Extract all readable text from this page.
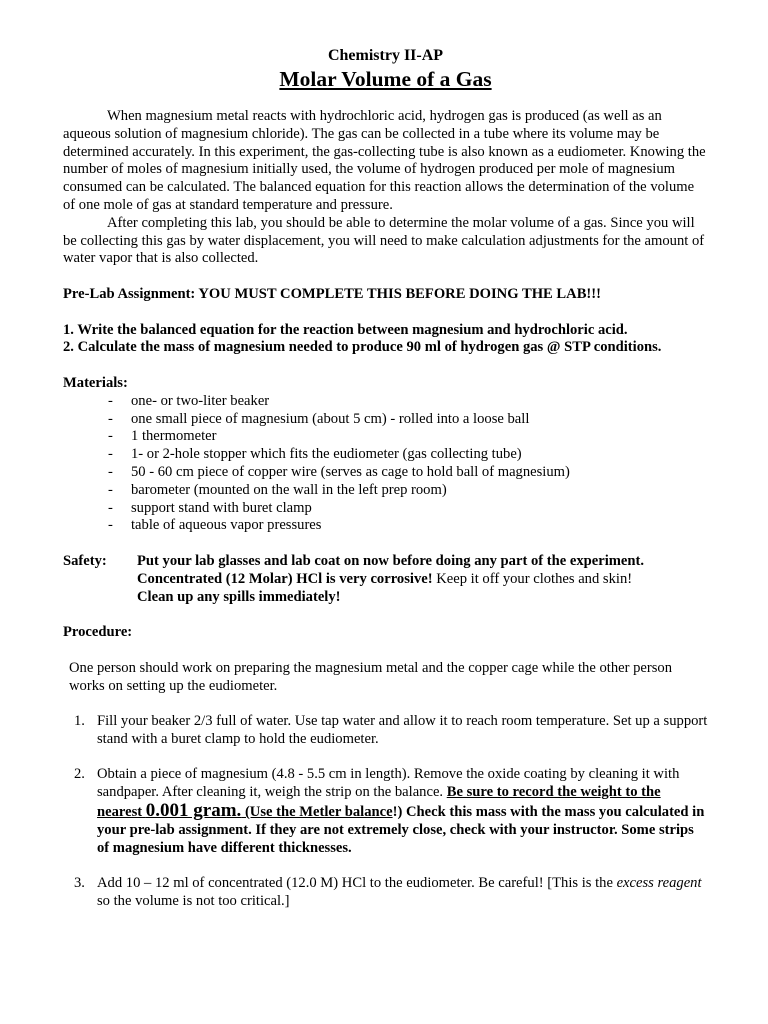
Chemistry II-AP
Molar Volume of a Gas

When magnesium metal reacts with hydrochloric acid, hydrogen gas is produced (as well as an aqueous solution of magnesium chloride). The gas can be collected in a tube where its volume may be determined accurately. In this experiment, the gas-collecting tube is also known as a eudiometer. Knowing the number of moles of magnesium initially used, the volume of hydrogen produced per mole of magnesium consumed can be calculated. The balanced equation for this reaction allows the determination of the volume of one mole of gas at standard temperature and pressure.

After completing this lab, you should be able to determine the molar volume of a gas. Since you will be collecting this gas by water displacement, you will need to make calculation adjustments for the amount of water vapor that is also collected.

Pre-Lab Assignment: YOU MUST COMPLETE THIS BEFORE DOING THE LAB!!!

1. Write the balanced equation for the reaction between magnesium and hydrochloric acid.

2. Calculate the mass of magnesium needed to produce 90 ml of hydrogen gas @ STP conditions.

Materials:

- one- or two-liter beaker
- one small piece of magnesium (about 5 cm) - rolled into a loose ball
- 1 thermometer
- 1- or 2-hole stopper which fits the eudiometer (gas collecting tube)
- 50 - 60 cm piece of copper wire (serves as cage to hold ball of magnesium)
- barometer (mounted on the wall in the left prep room)
- support stand with buret clamp
- table of aqueous vapor pressures
Safety:	Put your lab glasses and lab coat on now before doing any part of the experiment.

Concentrated (12 Molar) HCl is very corrosive! Keep it off your clothes and skin!

Clean up any spills immediately!

Procedure:

One person should work on preparing the magnesium metal and the copper cage while the other person works on setting up the eudiometer.

1. Fill your beaker 2/3 full of water. Use tap water and allow it to reach room temperature. Set up a support stand with a buret clamp to hold the eudiometer.
2. Obtain a piece of magnesium (4.8 - 5.5 cm in length). Remove the oxide coating by cleaning it with sandpaper. After cleaning it, weigh the strip on the balance. Be sure to record the weight to the nearest 0.001 gram. (Use the Metler balance!) Check this mass with the mass you calculated in your pre-lab assignment. If they are not extremely close, check with your instructor. Some strips of magnesium have different thicknesses.
3. Add 10 – 12 ml of concentrated (12.0 M) HCl to the eudiometer. Be careful! [This is the excess reagent so the volume is not too critical.]
